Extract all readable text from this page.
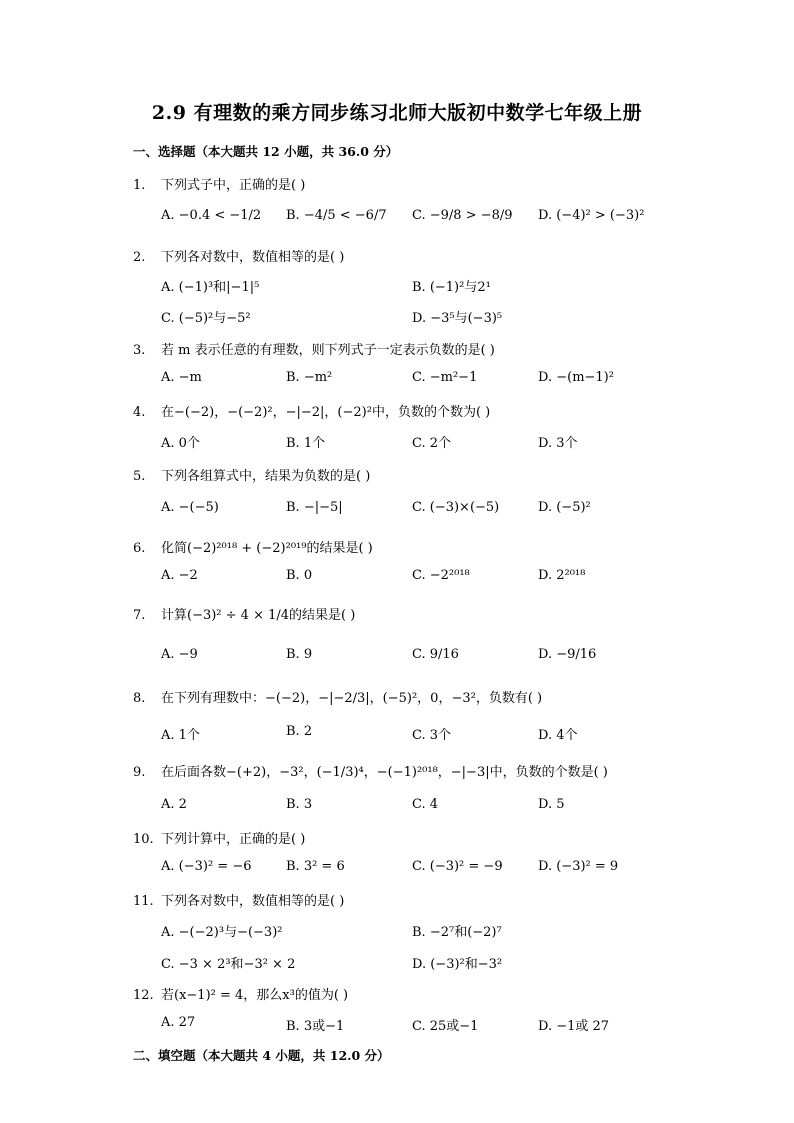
2.9 有理数的乘方同步练习北师大版初中数学七年级上册
一、选择题（本大题共 12 小题，共 36.0 分）
1. 下列式子中，正确的是( )
A. −0.4 < −1/2 B. −4/5 < −6/7 C. −9/8 > −8/9 D. (−4)² > (−3)²
2. 下列各对数中，数值相等的是( )
A. (−1)³和|−1|⁵	B. (−1)²与2¹
C. (−5)²与−5²	D. −3⁵与(−3)⁵
3. 若 m 表示任意的有理数，则下列式子一定表示负数的是( )
A. −m	B. −m²	C. −m²−1	D. −(m−1)²
4. 在−(−2)，−(−2)²，−|−2|，(−2)²中，负数的个数为( )
A. 0个	B. 1个	C. 2个	D. 3个
5. 下列各组算式中，结果为负数的是( )
A. −(−5)	B. −|−5|	C. (−3)×(−5)	D. (−5)²
6. 化简(−2)²⁰¹⁸ + (−2)²⁰¹⁹的结果是( )
A. −2	B. 0	C. −2²⁰¹⁸	D. 2²⁰¹⁸
7. 计算(−3)² ÷ 4 × 1/4的结果是( )
A. −9	B. 9	C. 9/16	D. −9/16
8. 在下列有理数中：−(−2)，−|−2/3|，(−5)²，0，−3²，负数有( )
A. 1个	B. 2	C. 3个	D. 4个
9. 在后面各数−(+2)，−3²，(−1/3)⁴，−(−1)²⁰¹⁸，−|−3|中，负数的个数是( )
A. 2	B. 3	C. 4	D. 5
10. 下列计算中，正确的是( )
A. (−3)² = −6	B. 3² = 6	C. (−3)² = −9	D. (−3)² = 9
11. 下列各对数中，数值相等的是( )
A. −(−2)³与−(−3)²	B. −2⁷和(−2)⁷
C. −3 × 2³和−3² × 2	D. (−3)²和−3²
12. 若(x−1)² = 4，那么x³的值为( )
A. 27	B. 3或−1	C. 25或−1	D. −1或 27
二、填空题（本大题共 4 小题，共 12.0 分）
